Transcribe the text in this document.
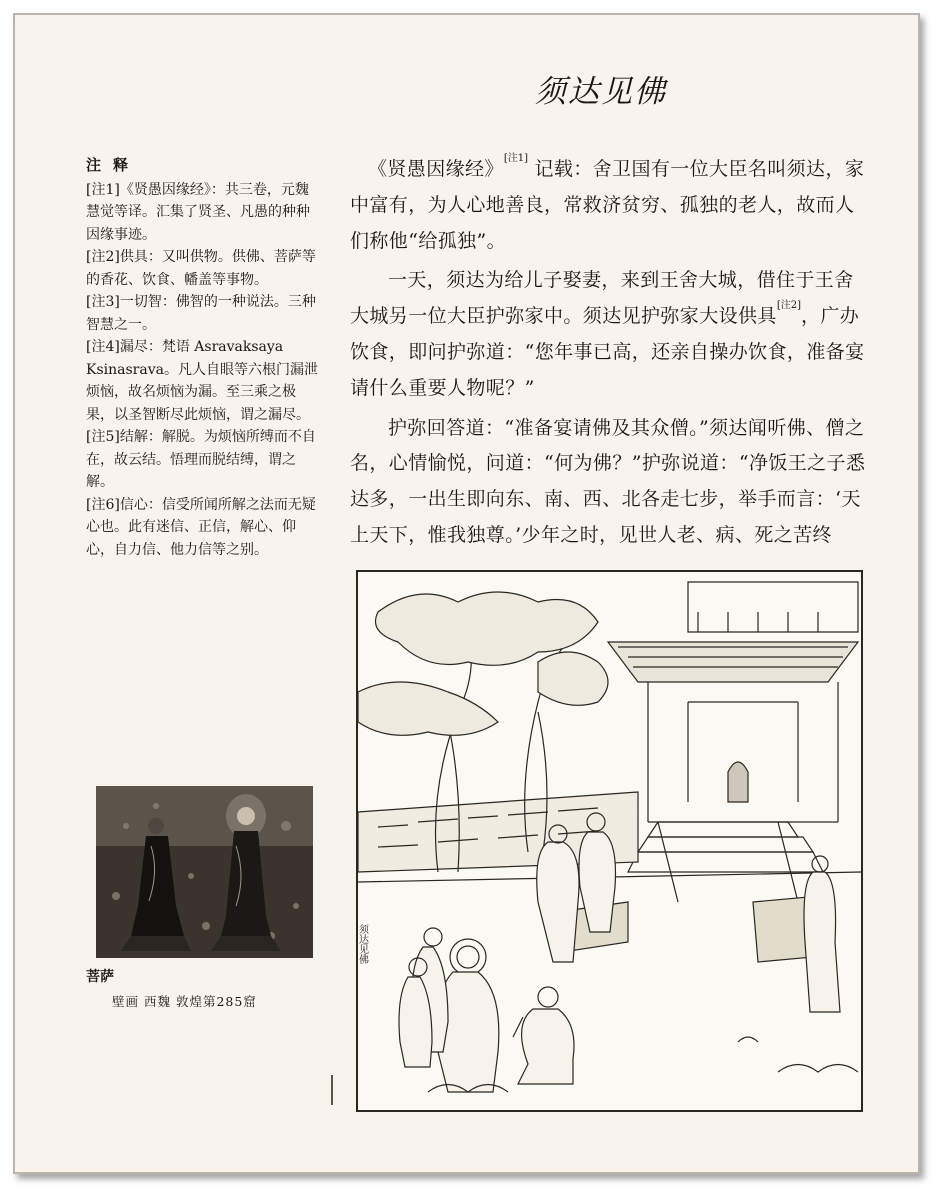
须达见佛
注释

[注1]《贤愚因缘经》：共三卷，元魏慧觉等译。汇集了贤圣、凡愚的种种因缘事迹。

[注2]供具：又叫供物。供佛、菩萨等的香花、饮食、幡盖等事物。

[注3]一切智：佛智的一种说法。三种智慧之一。

[注4]漏尽：梵语 Asravaksaya Ksinasrava。凡人自眼等六根门漏泄烦恼，故名烦恼为漏。至三乘之极果，以圣智断尽此烦恼，谓之漏尽。

[注5]结解：解脱。为烦恼所缚而不自在，故云结。悟理而脱结缚，谓之解。

[注6]信心：信受所闻所解之法而无疑心也。此有迷信、正信，解心、仰心，自力信、他力信等之别。

《贤愚因缘经》[注1] 记载：舍卫国有一位大臣名叫须达，家中富有，为人心地善良，常救济贫穷、孤独的老人，故而人们称他“给孤独”。

一天，须达为给儿子娶妻，来到王舍大城，借住于王舍大城另一位大臣护弥家中。须达见护弥家大设供具[注2]，广办饮食，即问护弥道：“您年事已高，还亲自操办饮食，准备宴请什么重要人物呢？”

护弥回答道：“准备宴请佛及其众僧。”须达闻听佛、僧之名，心情愉悦，问道：“何为佛？”护弥说道：“净饭王之子悉达多，一出生即向东、南、西、北各走七步，举手而言：‘天上天下，惟我独尊。’少年之时，见世人老、病、死之苦终

菩萨
壁画 西魏 敦煌第285窟
须达见佛
